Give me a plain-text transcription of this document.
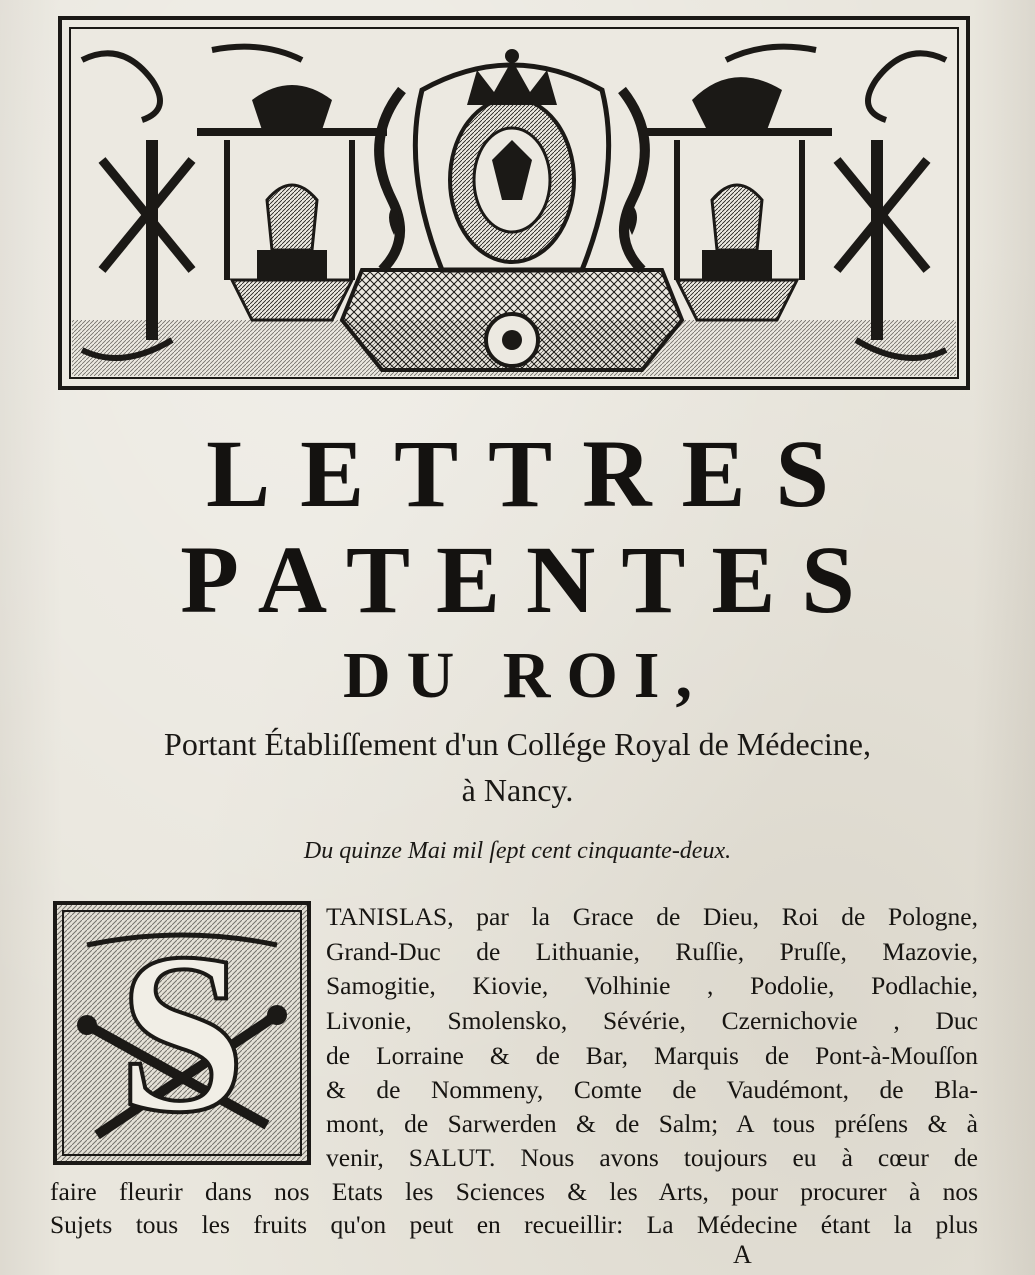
LETTRES
PATENTES
DU ROI,
Portant Établiſſement d'un Collége Royal de Médecine,
à Nancy.
Du quinze Mai mil ſept cent cinquante-deux.
S	TANISLAS, par la Grace de Dieu, Roi de Pologne,
Grand-Duc de Lithuanie, Ruſſie, Pruſſe, Mazovie,
Samogitie, Kiovie, Volhinie , Podolie, Podlachie,
Livonie, Smolensko, Sévérie, Czernichovie , Duc
de Lorraine & de Bar, Marquis de Pont-à-Mouſſon
& de Nommeny, Comte de Vaudémont, de Bla-
mont, de Sarwerden & de Salm; A tous préſens & à
venir, SALUT. Nous avons toujours eu à cœur de
faire fleurir dans nos Etats les Sciences & les Arts, pour procurer à nos
Sujets tous les fruits qu'on peut en recueillir: La Médecine étant la plus
A
